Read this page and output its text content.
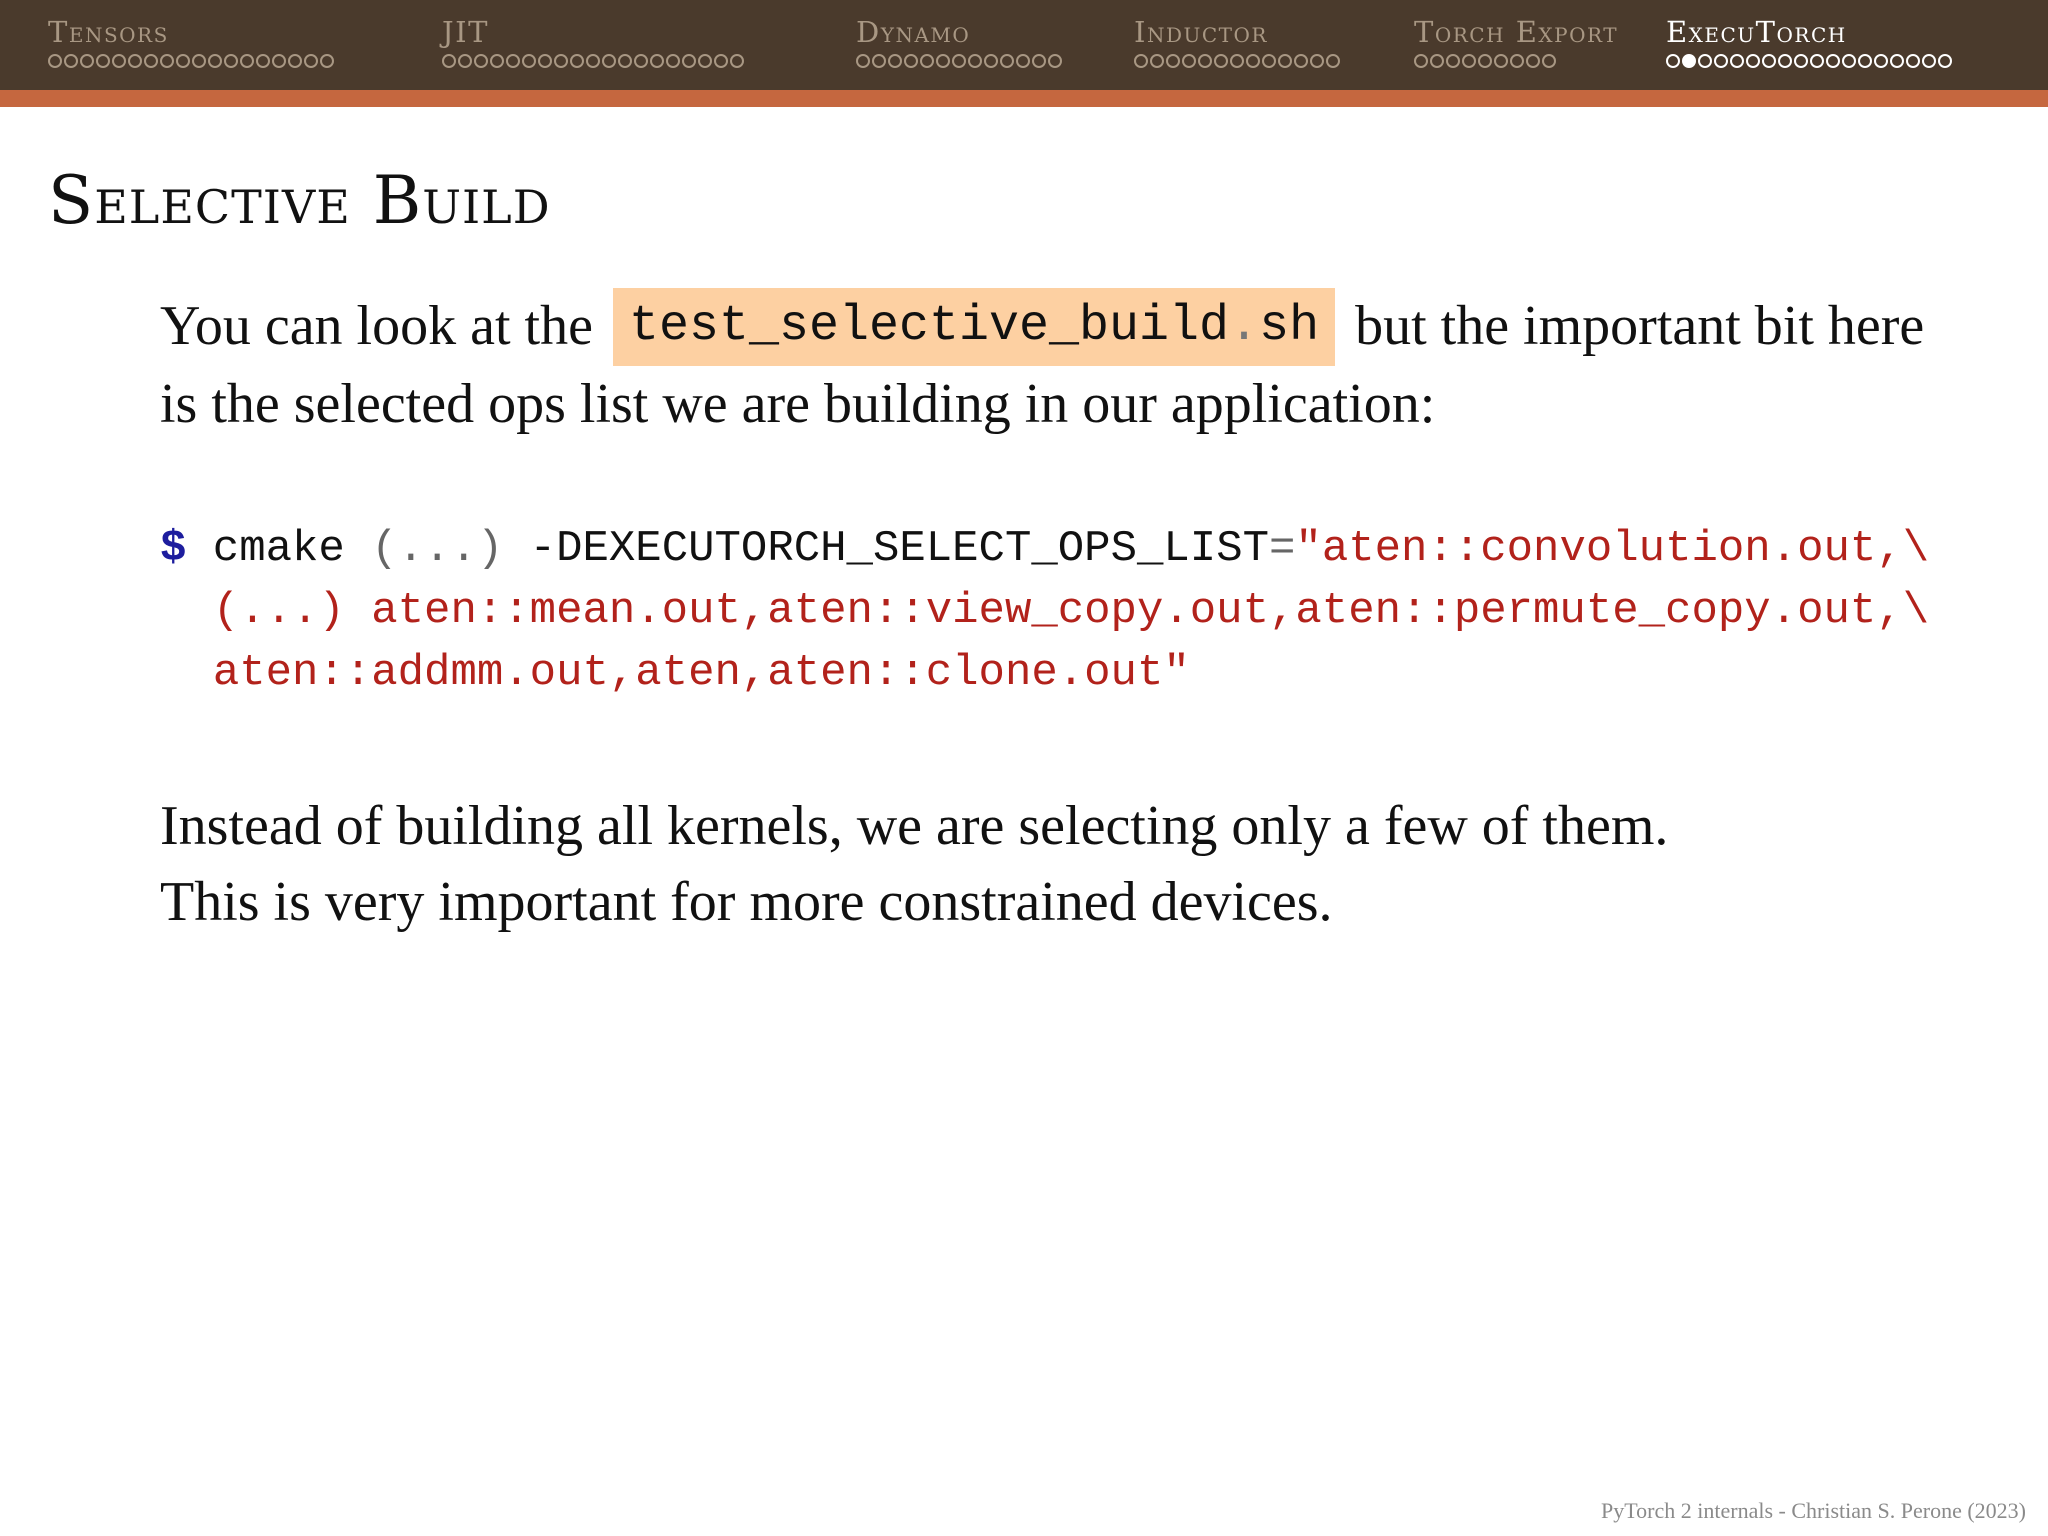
Tensors	JIT	Dynamo	Inductor	Torch Export ExecuTorch
Selective Build
You can look at the test_selective_build.sh but the important bit here is the selected ops list we are building in our application:
$ cmake (...) -DEXECUTORCH_SELECT_OPS_LIST="aten::convolution.out,\
(...) aten::mean.out,aten::view_copy.out,aten::permute_copy.out,\
aten::addmm.out,aten,aten::clone.out"
Instead of building all kernels, we are selecting only a few of them.
This is very important for more constrained devices.
PyTorch 2 internals - Christian S. Perone (2023)
